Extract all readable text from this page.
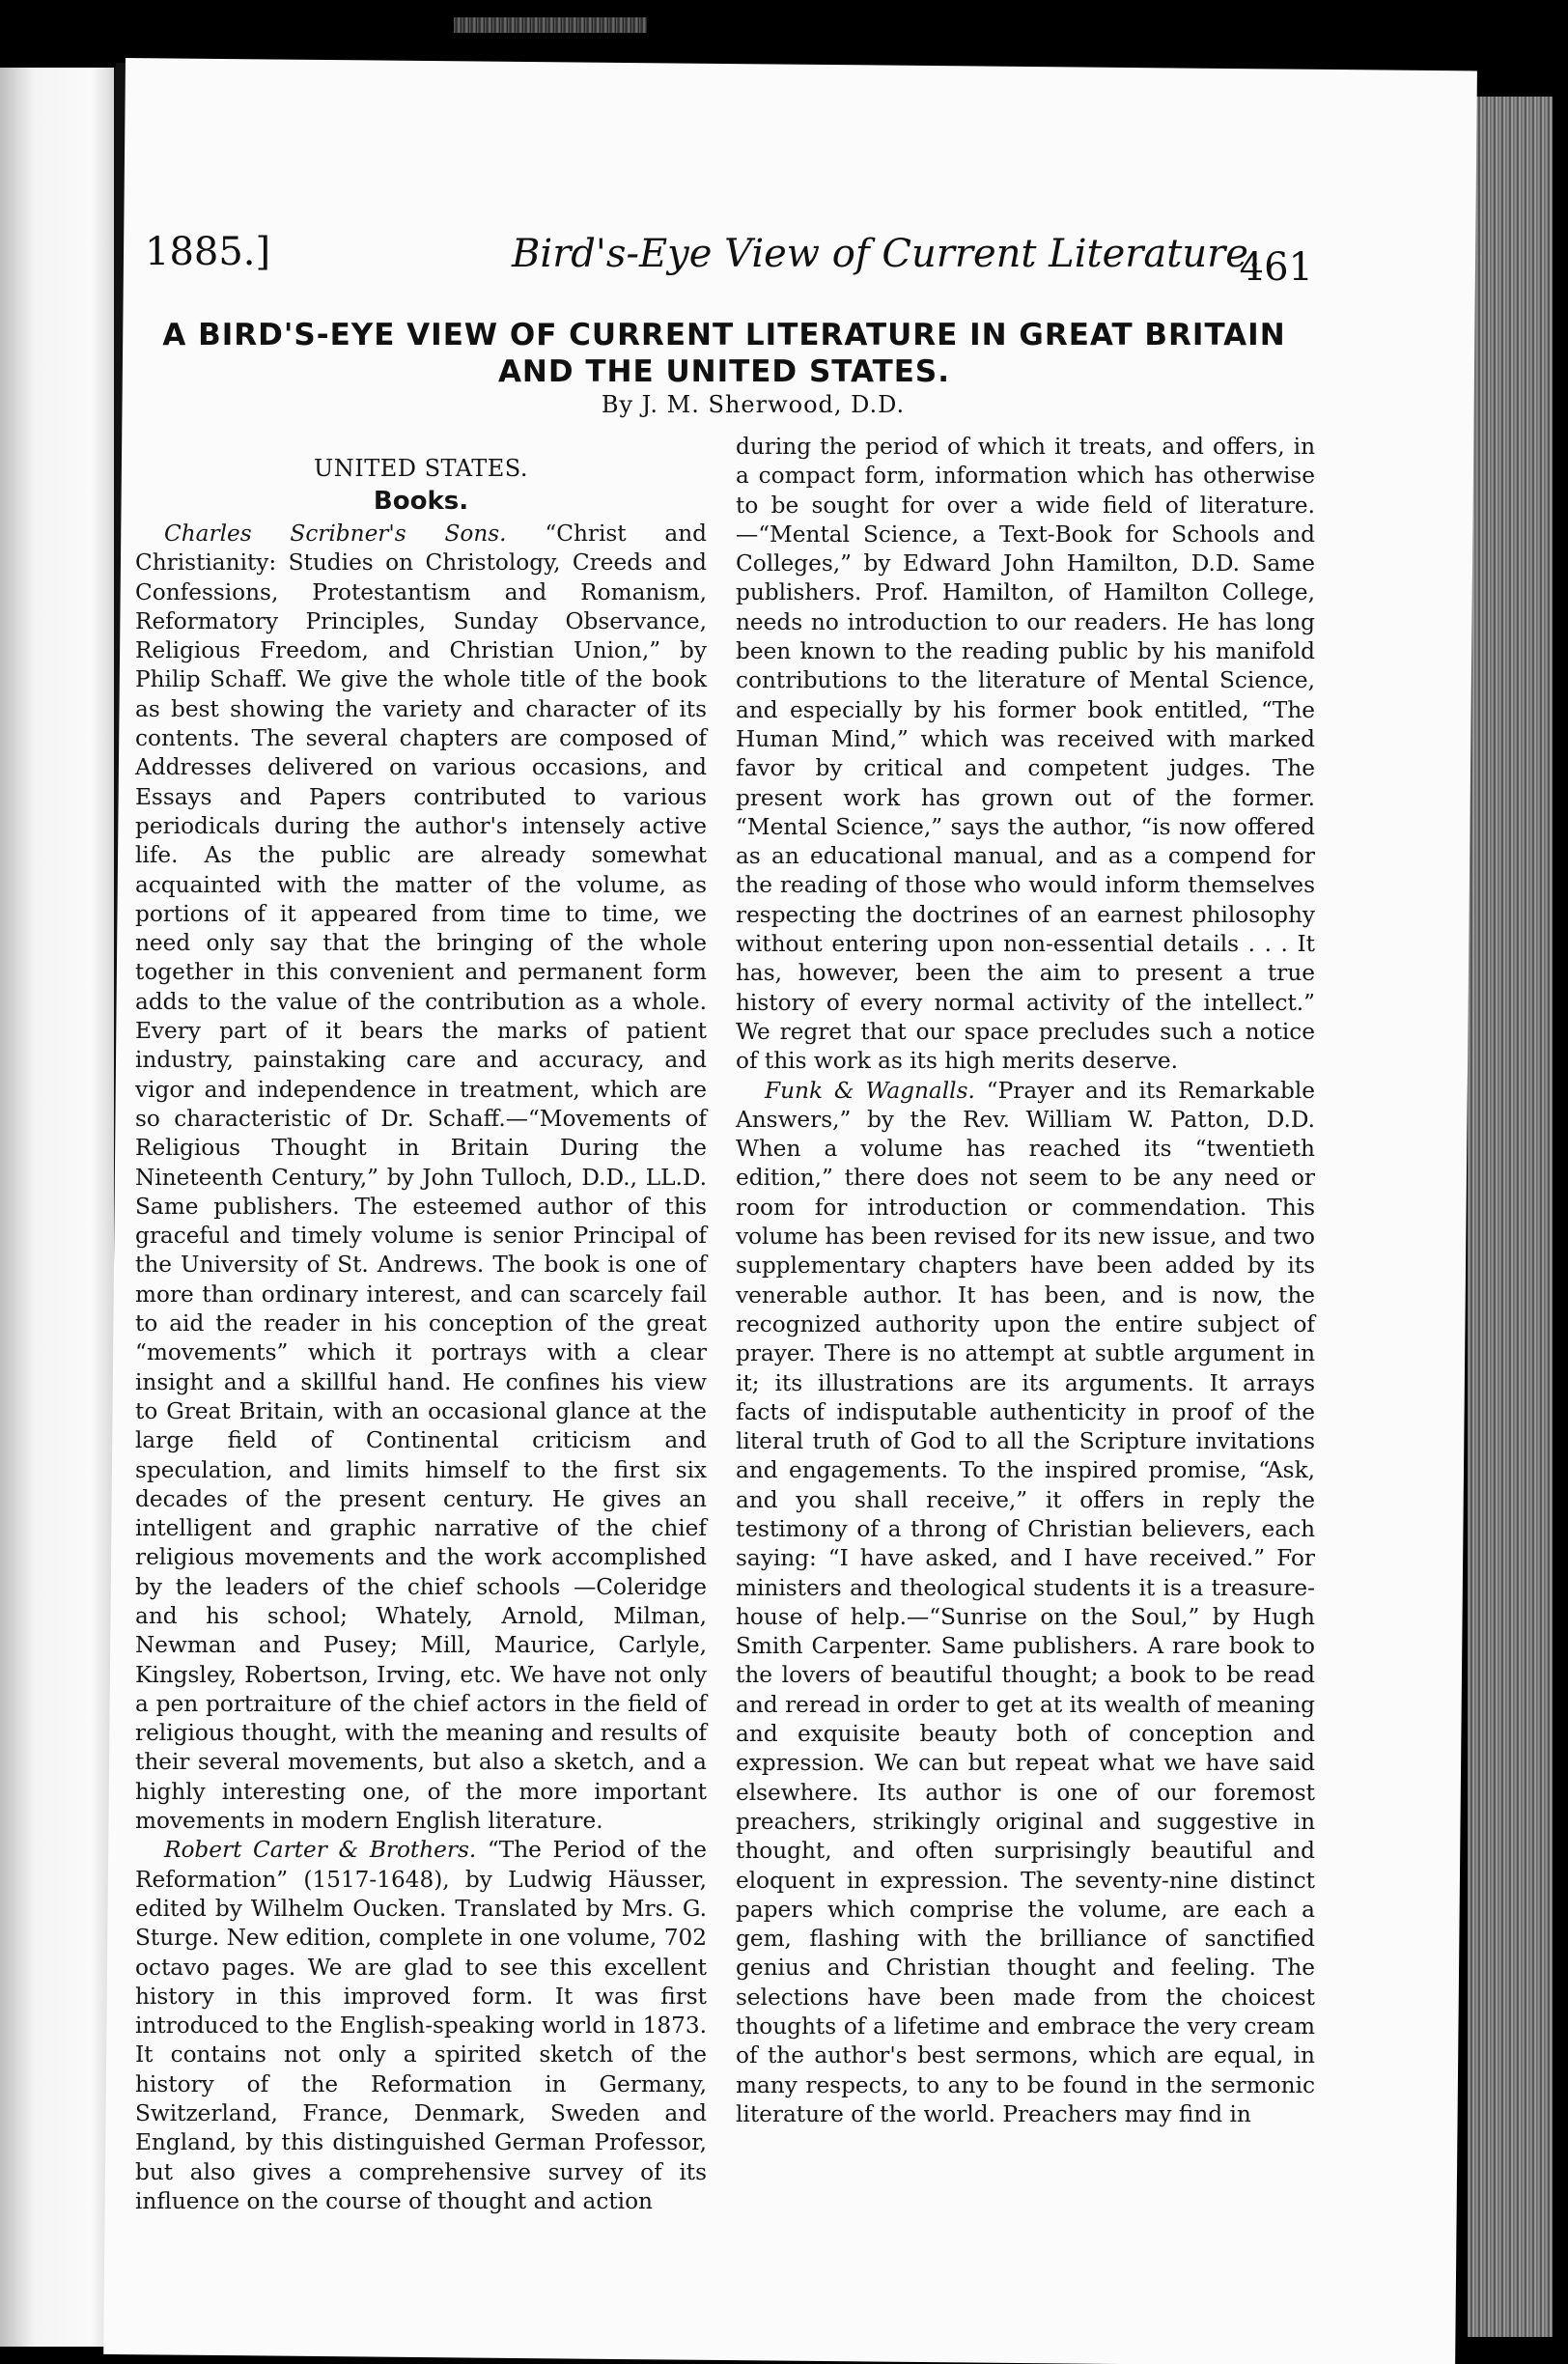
1885.]	Bird's-Eye View of Current Literature.
461
A BIRD'S-EYE VIEW OF CURRENT LITERATURE IN GREAT BRITAIN AND THE UNITED STATES.
By J. M. Sherwood, D.D.
UNITED STATES.
Books.

Charles Scribner's Sons. “Christ and Christianity: Studies on Christology, Creeds and Confessions, Protestantism and Romanism, Reformatory Principles, Sunday Observance, Religious Freedom, and Christian Union,” by Philip Schaff. We give the whole title of the book as best showing the variety and character of its contents. The several chapters are composed of Addresses delivered on various occasions, and Essays and Papers contributed to various periodicals during the author's intensely active life. As the public are already somewhat acquainted with the matter of the volume, as portions of it appeared from time to time, we need only say that the bringing of the whole together in this convenient and permanent form adds to the value of the contribution as a whole. Every part of it bears the marks of patient industry, painstaking care and accuracy, and vigor and independence in treatment, which are so characteristic of Dr. Schaff.—“Movements of Religious Thought in Britain During the Nineteenth Century,” by John Tulloch, D.D., LL.D. Same publishers. The esteemed author of this graceful and timely volume is senior Principal of the University of St. Andrews. The book is one of more than ordinary interest, and can scarcely fail to aid the reader in his conception of the great “movements” which it portrays with a clear insight and a skillful hand. He confines his view to Great Britain, with an occasional glance at the large field of Continental criticism and speculation, and limits himself to the first six decades of the present century. He gives an intelligent and graphic narrative of the chief religious movements and the work accomplished by the leaders of the chief schools —Coleridge and his school; Whately, Arnold, Milman, Newman and Pusey; Mill, Maurice, Carlyle, Kingsley, Robertson, Irving, etc. We have not only a pen portraiture of the chief actors in the field of religious thought, with the meaning and results of their several movements, but also a sketch, and a highly interesting one, of the more important movements in modern English literature.

Robert Carter & Brothers. “The Period of the Reformation” (1517-1648), by Ludwig Häusser, edited by Wilhelm Oucken. Translated by Mrs. G. Sturge. New edition, complete in one volume, 702 octavo pages. We are glad to see this excellent history in this improved form. It was first introduced to the English-speaking world in 1873. It contains not only a spirited sketch of the history of the Reformation in Germany, Switzerland, France, Denmark, Sweden and England, by this distinguished German Professor, but also gives a comprehensive survey of its influence on the course of thought and action

during the period of which it treats, and offers, in a compact form, information which has otherwise to be sought for over a wide field of literature.—“Mental Science, a Text-Book for Schools and Colleges,” by Edward John Hamilton, D.D. Same publishers. Prof. Hamilton, of Hamilton College, needs no introduction to our readers. He has long been known to the reading public by his manifold contributions to the literature of Mental Science, and especially by his former book entitled, “The Human Mind,” which was received with marked favor by critical and competent judges. The present work has grown out of the former. “Mental Science,” says the author, “is now offered as an educational manual, and as a compend for the reading of those who would inform themselves respecting the doctrines of an earnest philosophy without entering upon non-essential details . . . It has, however, been the aim to present a true history of every normal activity of the intellect.” We regret that our space precludes such a notice of this work as its high merits deserve.

Funk & Wagnalls. “Prayer and its Remarkable Answers,” by the Rev. William W. Patton, D.D. When a volume has reached its “twentieth edition,” there does not seem to be any need or room for introduction or commendation. This volume has been revised for its new issue, and two supplementary chapters have been added by its venerable author. It has been, and is now, the recognized authority upon the entire subject of prayer. There is no attempt at subtle argument in it; its illustrations are its arguments. It arrays facts of indisputable authenticity in proof of the literal truth of God to all the Scripture invitations and engagements. To the inspired promise, “Ask, and you shall receive,” it offers in reply the testimony of a throng of Christian believers, each saying: “I have asked, and I have received.” For ministers and theological students it is a treasure-house of help.—“Sunrise on the Soul,” by Hugh Smith Carpenter. Same publishers. A rare book to the lovers of beautiful thought; a book to be read and reread in order to get at its wealth of meaning and exquisite beauty both of conception and expression. We can but repeat what we have said elsewhere. Its author is one of our foremost preachers, strikingly original and suggestive in thought, and often surprisingly beautiful and eloquent in expression. The seventy-nine distinct papers which comprise the volume, are each a gem, flashing with the brilliance of sanctified genius and Christian thought and feeling. The selections have been made from the choicest thoughts of a lifetime and embrace the very cream of the author's best sermons, which are equal, in many respects, to any to be found in the sermonic literature of the world. Preachers may find in
